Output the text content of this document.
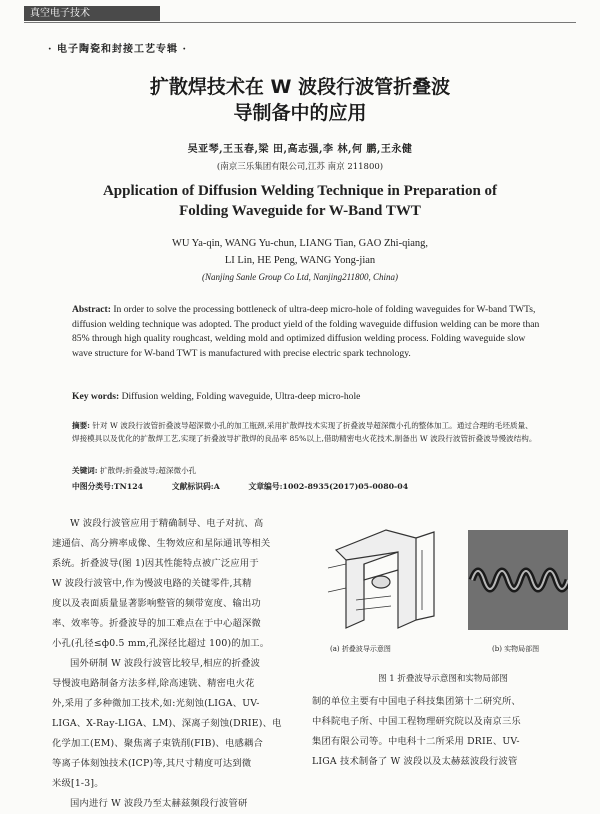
真空电子技术
· 电子陶瓷和封接工艺专辑 ·
扩散焊技术在 W 波段行波管折叠波
导制备中的应用
吴亚琴,王玉春,梁 田,高志强,李 林,何 鹏,王永健
(南京三乐集团有限公司,江苏 南京 211800)
Application of Diffusion Welding Technique in Preparation of
Folding Waveguide for W-Band TWT
WU Ya-qin, WANG Yu-chun, LIANG Tian, GAO Zhi-qiang,
LI Lin, HE Peng, WANG Yong-jian
(Nanjing Sanle Group Co Ltd, Nanjing211800, China)
Abstract: In order to solve the processing bottleneck of ultra-deep micro-hole of folding waveguides for W-band TWTs, diffusion welding technique was adopted. The product yield of the folding waveguide diffusion welding can be more than 85% through high quality roughcast, welding mold and optimized diffusion welding process. Folding waveguide slow wave structure for W-band TWT is manufactured with precise electric spark technology.
Key words: Diffusion welding, Folding waveguide, Ultra-deep micro-hole
摘要: 针对 W 波段行波管折叠波导超深微小孔的加工瓶颈,采用扩散焊技术实现了折叠波导超深微小孔的整体加工。通过合理的毛坯质量、焊接模具以及优化的扩散焊工艺,实现了折叠波导扩散焊的良品率 85%以上,借助精密电火花技术,制备出 W 波段行波管折叠波导慢波结构。
关键词: 扩散焊;折叠波导;超深微小孔
中图分类号:TN124	文献标识码:A	文章编号:1002-8935(2017)05-0080-04
W 波段行波管应用于精确制导、电子对抗、高
速通信、高分辨率成像、生物效应和星际通讯等相关
系统。折叠波导(图 1)因其性能特点被广泛应用于
W 波段行波管中,作为慢波电路的关键零件,其精
度以及表面质量显著影响整管的频带宽度、输出功
率、效率等。折叠波导的加工难点在于中心超深微
小孔(孔径≤ф0.5 mm,孔深径比超过 100)的加工。
国外研制 W 波段行波管比较早,相应的折叠波
导慢波电路制备方法多样,除高速铣、精密电火花
外,采用了多种微加工技术,如:光刻蚀(LIGA、UV-
LIGA、X-Ray-LIGA、LM)、深离子刻蚀(DRIE)、电
化学加工(EM)、聚焦离子束铣削(FIB)、电感耦合
等离子体刻蚀技术(ICP)等,其尺寸精度可达到微
米级[1-3]。
国内进行 W 波段乃至太赫兹频段行波管研
(a) 折叠波导示意图	(b) 实物局部图
图 1 折叠波导示意图和实物局部图
制的单位主要有中国电子科技集团第十二研究所、
中科院电子所、中国工程物理研究院以及南京三乐
集团有限公司等。中电科十二所采用 DRIE、UV-
LIGA 技术制备了 W 波段以及太赫兹波段行波管
